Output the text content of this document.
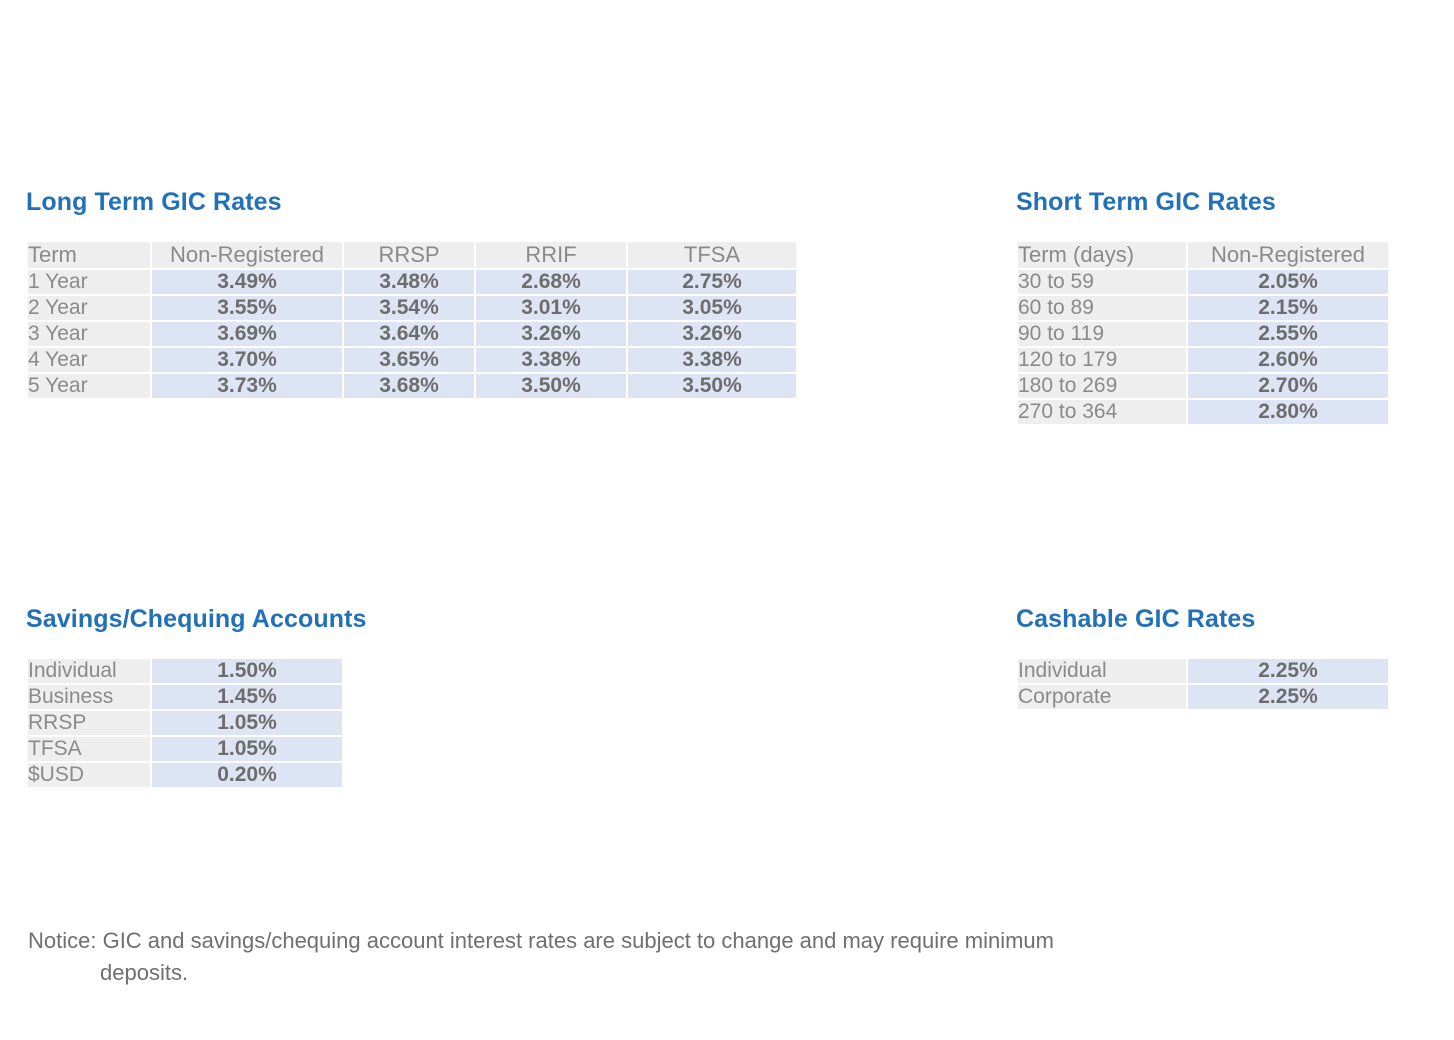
Long Term GIC Rates
Term	Non-Registered	RRSP	RRIF	TFSA
1 Year	3.49%	3.48%	2.68%	2.75%
2 Year	3.55%	3.54%	3.01%	3.05%
3 Year	3.69%	3.64%	3.26%	3.26%
4 Year	3.70%	3.65%	3.38%	3.38%
5 Year	3.73%	3.68%	3.50%	3.50%
Short Term GIC Rates
Term (days)	Non-Registered
30 to 59	2.05%
60 to 89	2.15%
90 to 119	2.55%
120 to 179	2.60%
180 to 269	2.70%
270 to 364	2.80%
Savings/Chequing Accounts
Individual	1.50%
Business	1.45%
RRSP	1.05%
TFSA	1.05%
$USD	0.20%
Cashable GIC Rates
Individual	2.25%
Corporate	2.25%
Notice: GIC and savings/chequing account interest rates are subject to change and may require minimum
deposits.
